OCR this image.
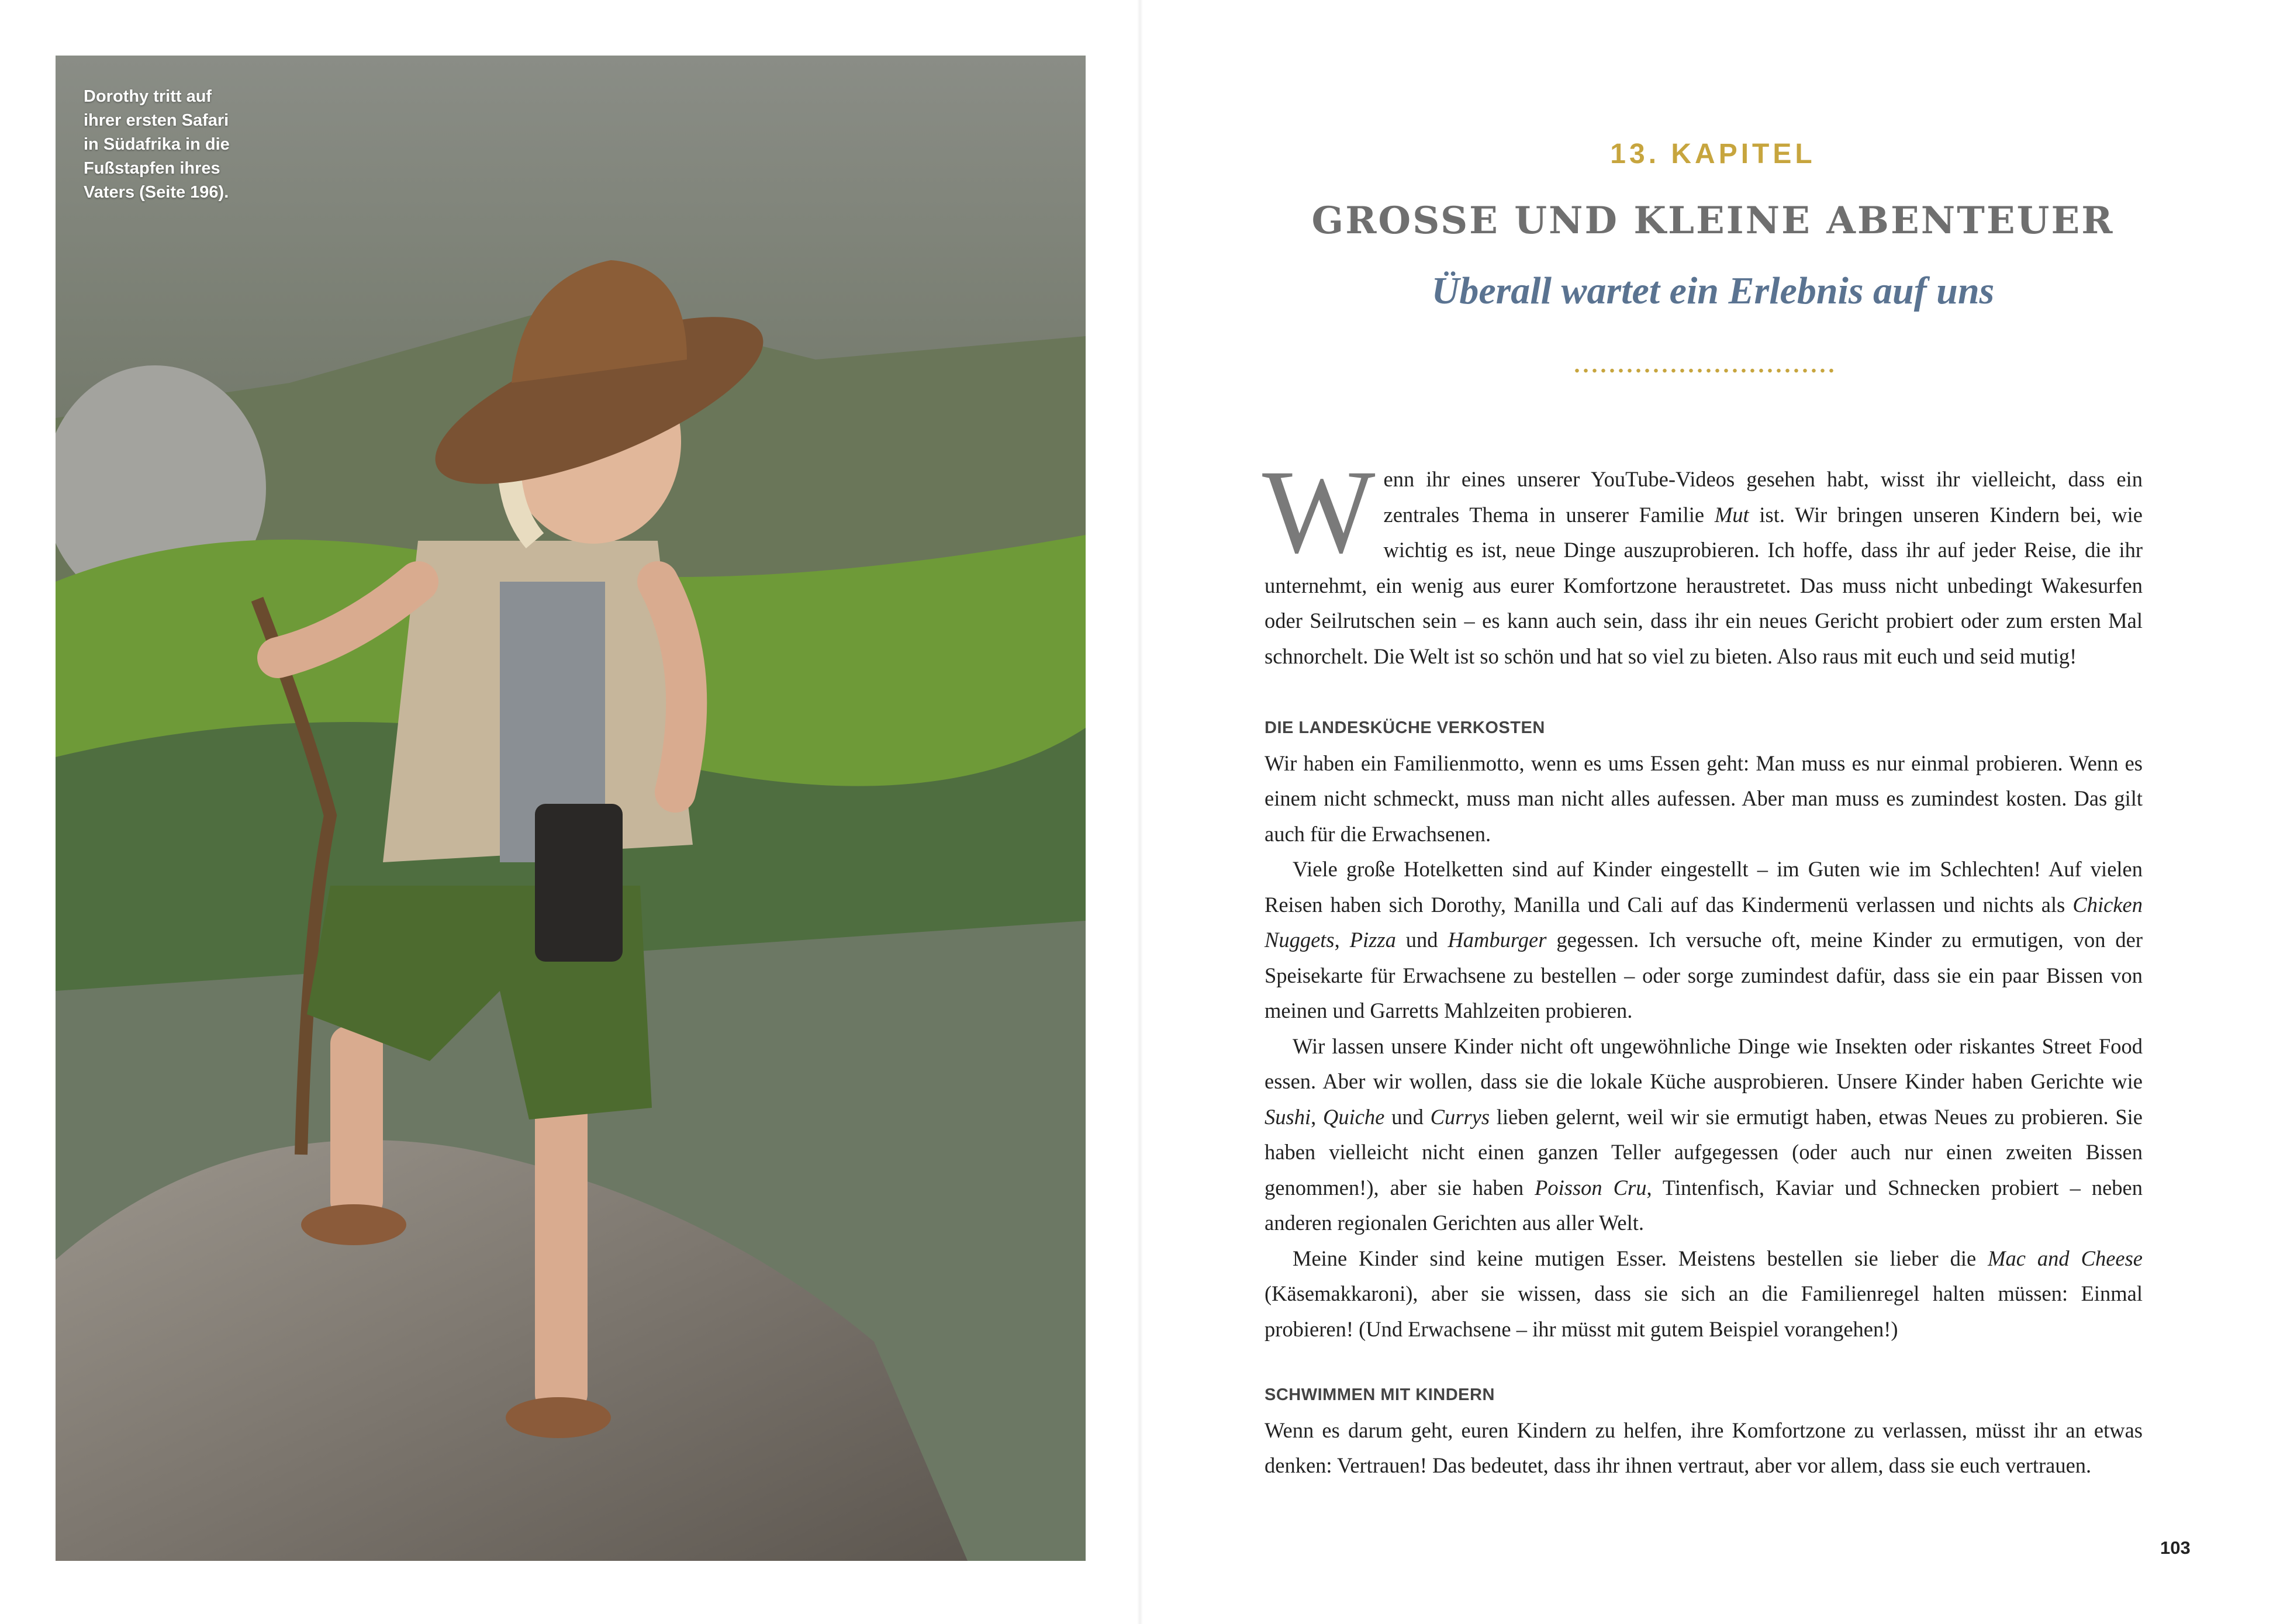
Dorothy tritt auf
ihrer ersten Safari
in Südafrika in die
Fußstapfen ihres
Vaters (Seite 196).
13. KAPITEL
GROSSE UND KLEINE ABENTEUER
Überall wartet ein Erlebnis auf uns

Wenn ihr eines unserer YouTube-Videos gesehen habt, wisst ihr vielleicht, dass ein zentrales Thema in unserer Familie Mut ist. Wir bringen unseren Kindern bei, wie wichtig es ist, neue Dinge auszuprobieren. Ich hoffe, dass ihr auf jeder Reise, die ihr unternehmt, ein wenig aus eurer Komfortzone heraustretet. Das muss nicht unbedingt Wakesurfen oder Seilrutschen sein – es kann auch sein, dass ihr ein neues Gericht probiert oder zum ersten Mal schnorchelt. Die Welt ist so schön und hat so viel zu bieten. Also raus mit euch und seid mutig!

DIE LANDESKÜCHE VERKOSTEN

Wir haben ein Familienmotto, wenn es ums Essen geht: Man muss es nur einmal probieren. Wenn es einem nicht schmeckt, muss man nicht alles aufessen. Aber man muss es zumindest kosten. Das gilt auch für die Erwachsenen.

Viele große Hotelketten sind auf Kinder eingestellt – im Guten wie im Schlechten! Auf vielen Reisen haben sich Dorothy, Manilla und Cali auf das Kindermenü verlassen und nichts als Chicken Nuggets, Pizza und Hamburger gegessen. Ich versuche oft, meine Kinder zu ermutigen, von der Speisekarte für Erwachsene zu bestellen – oder sorge zumindest dafür, dass sie ein paar Bissen von meinen und Garretts Mahlzeiten probieren.

Wir lassen unsere Kinder nicht oft ungewöhnliche Dinge wie Insekten oder riskantes Street Food essen. Aber wir wollen, dass sie die lokale Küche ausprobieren. Unsere Kinder haben Gerichte wie Sushi, Quiche und Currys lieben gelernt, weil wir sie ermutigt haben, etwas Neues zu probieren. Sie haben vielleicht nicht einen ganzen Teller aufgegessen (oder auch nur einen zweiten Bissen genommen!), aber sie haben Poisson Cru, Tintenfisch, Kaviar und Schnecken probiert – neben anderen regionalen Gerichten aus aller Welt.

Meine Kinder sind keine mutigen Esser. Meistens bestellen sie lieber die Mac and Cheese (Käsemakkaroni), aber sie wissen, dass sie sich an die Familienregel halten müssen: Einmal probieren! (Und Erwachsene – ihr müsst mit gutem Beispiel vorangehen!)

SCHWIMMEN MIT KINDERN

Wenn es darum geht, euren Kindern zu helfen, ihre Komfortzone zu verlassen, müsst ihr an etwas denken: Vertrauen! Das bedeutet, dass ihr ihnen vertraut, aber vor allem, dass sie euch vertrauen.

103
